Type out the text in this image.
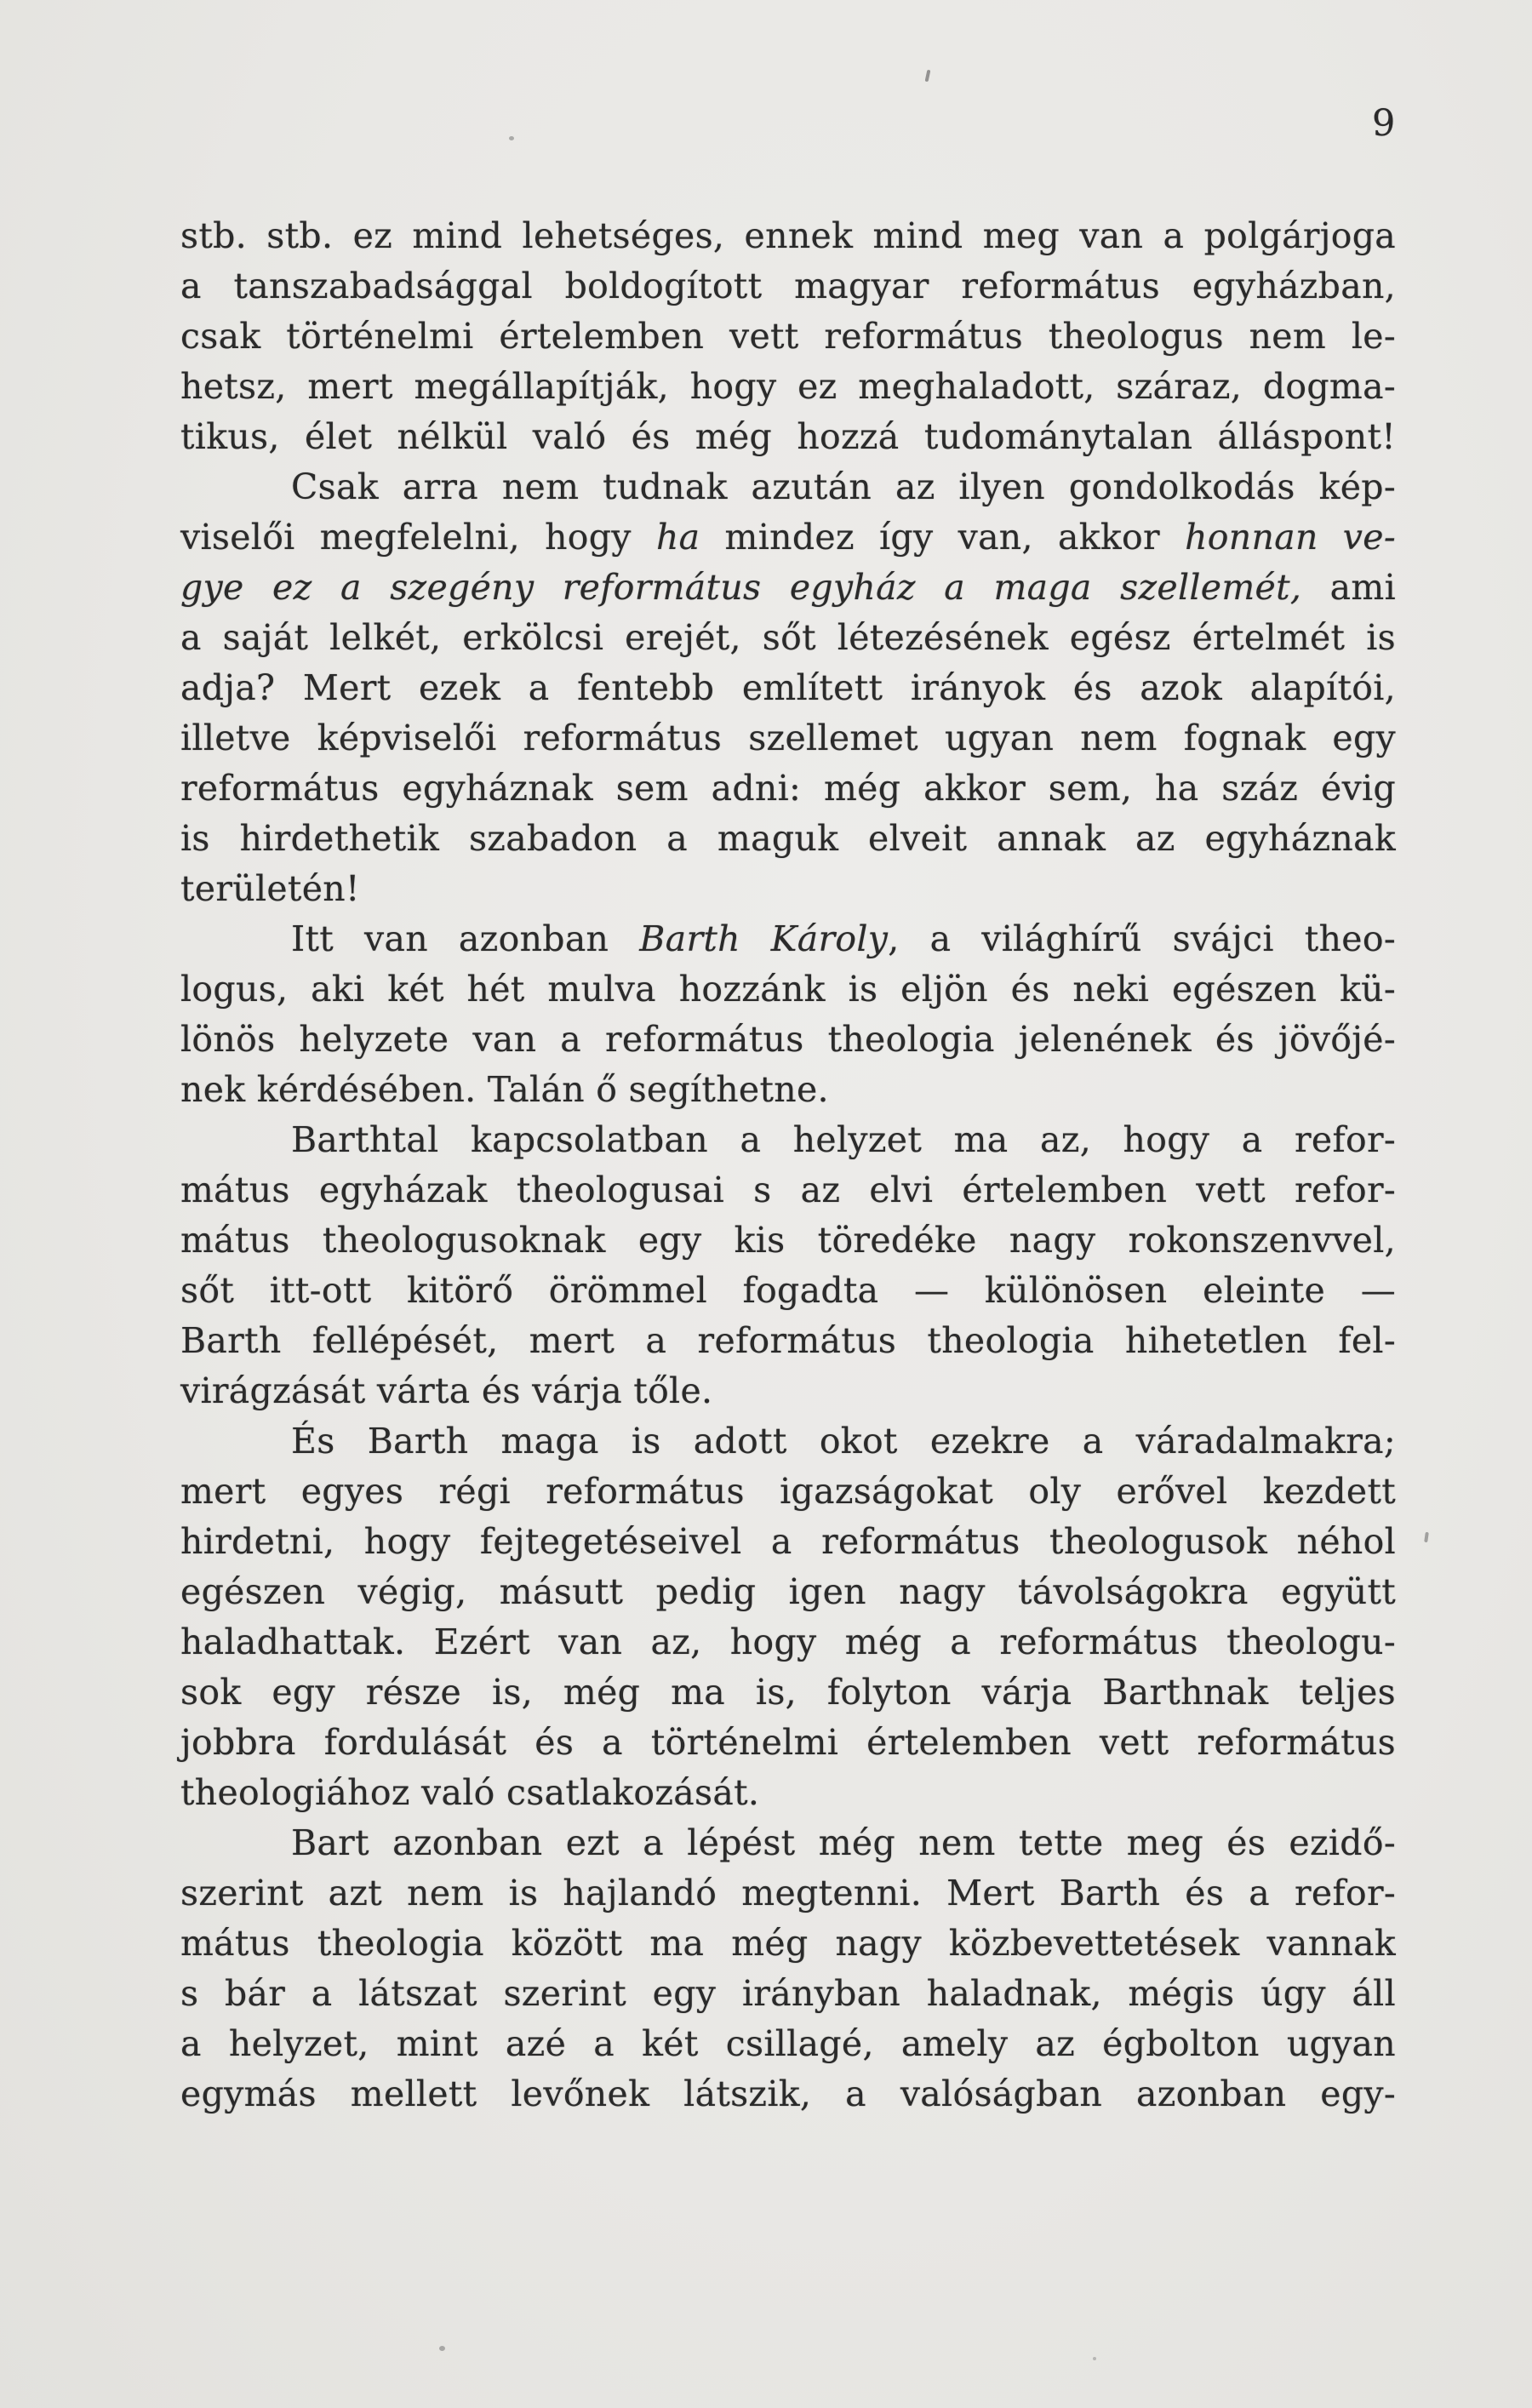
9
stb. stb. ez mind lehetséges, ennek mind meg van a polgárjoga
a tanszabadsággal boldogított magyar református egyházban,
csak történelmi értelemben vett református theologus nem le-
hetsz, mert megállapítják, hogy ez meghaladott, száraz, dogma-
tikus, élet nélkül való és még hozzá tudománytalan álláspont!
Csak arra nem tudnak azután az ilyen gondolkodás kép-
viselői megfelelni, hogy ha mindez így van, akkor honnan ve-
gye ez a szegény református egyház a maga szellemét, ami
a saját lelkét, erkölcsi erejét, sőt létezésének egész értelmét is
adja? Mert ezek a fentebb említett irányok és azok alapítói,
illetve képviselői református szellemet ugyan nem fognak egy
református egyháznak sem adni: még akkor sem, ha száz évig
is hirdethetik szabadon a maguk elveit annak az egyháznak
területén!
Itt van azonban Barth Károly, a világhírű svájci theo-
logus, aki két hét mulva hozzánk is eljön és neki egészen kü-
lönös helyzete van a református theologia jelenének és jövőjé-
nek kérdésében. Talán ő segíthetne.
Barthtal kapcsolatban a helyzet ma az, hogy a refor-
mátus egyházak theologusai s az elvi értelemben vett refor-
mátus theologusoknak egy kis töredéke nagy rokonszenvvel,
sőt itt-ott kitörő örömmel fogadta — különösen eleinte —
Barth fellépését, mert a református theologia hihetetlen fel-
virágzását várta és várja tőle.
És Barth maga is adott okot ezekre a váradalmakra;
mert egyes régi református igazságokat oly erővel kezdett
hirdetni, hogy fejtegetéseivel a református theologusok néhol
egészen végig, másutt pedig igen nagy távolságokra együtt
haladhattak. Ezért van az, hogy még a református theologu-
sok egy része is, még ma is, folyton várja Barthnak teljes
jobbra fordulását és a történelmi értelemben vett református
theologiához való csatlakozását.
Bart azonban ezt a lépést még nem tette meg és ezidő-
szerint azt nem is hajlandó megtenni. Mert Barth és a refor-
mátus theologia között ma még nagy közbevettetések vannak
s bár a látszat szerint egy irányban haladnak, mégis úgy áll
a helyzet, mint azé a két csillagé, amely az égbolton ugyan
egymás mellett levőnek látszik, a valóságban azonban egy-
